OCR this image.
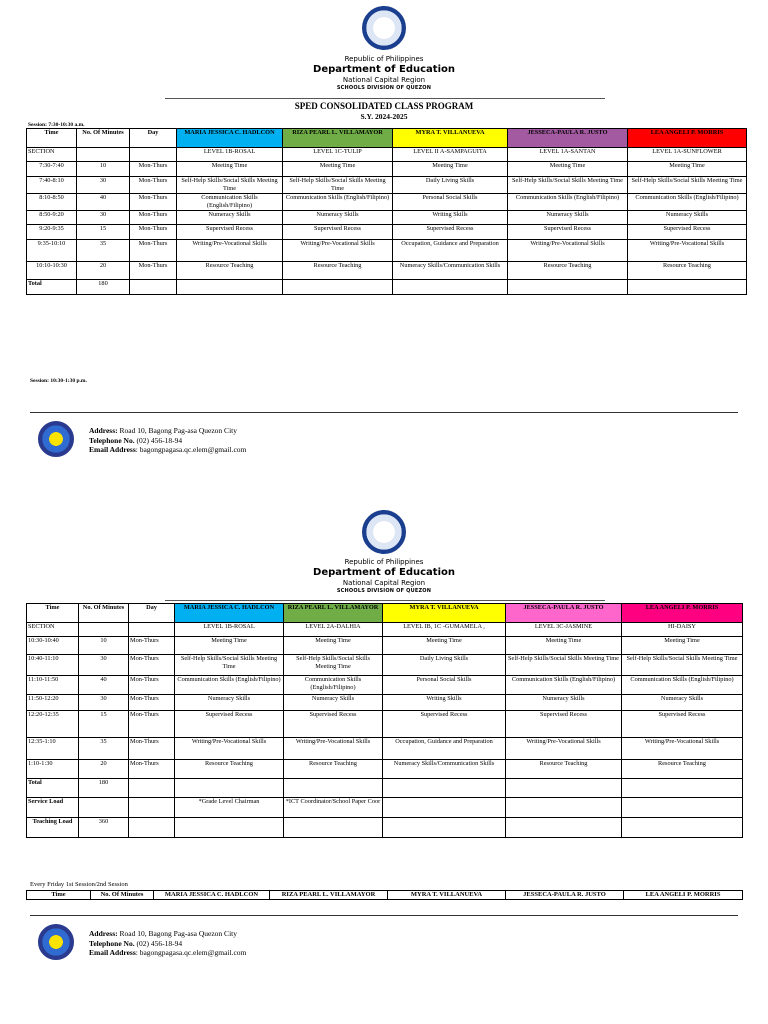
Republic of Philippines
Department of Education
National Capital Region
SCHOOLS DIVISION OF QUEZON
SPED CONSOLIDATED CLASS PROGRAM
S.Y. 2024-2025
Session: 7:30-10:30 a.m.
Time	No. Of Minutes	Day	MARIA JESSICA C. HADLCON	RIZA PEARL L. VILLAMAYOR	MYRA T. VILLANUEVA	JESSECA-PAULA R. JUSTO	LEA ANGELI P. MORRIS
SECTION			LEVEL 1B-ROSAL	LEVEL 1C-TULIP	LEVEL II A-SAMPAGUITA	LEVEL 1A-SANTAN	LEVEL 1A-SUNFLOWER
7:30-7:40	10	Mon-Thurs	Meeting Time	Meeting Time	Meeting Time	Meeting Time	Meeting Time
7:40-8:10	30	Mon-Thurs	Self-Help Skills/Social Skills Meeting Time	Self-Help Skills/Social Skills Meeting Time	Daily Living Skills	Self-Help Skills/Social Skills Meeting Time	Self-Help Skills/Social Skills Meeting Time
8:10-8:50	40	Mon-Thurs	Communication Skills (English/Filipino)	Communication Skills (English/Filipino)	Personal Social Skills	Communication Skills (English/Filipino)	Communication Skills (English/Filipino)
8:50-9:20	30	Mon-Thurs	Numeracy Skills	Numeracy Skills	Writing Skills	Numeracy Skills	Numeracy Skills
9:20-9:35	15	Mon-Thurs	Supervised Recess	Supervised Recess	Supervised Recess	Supervised Recess	Supervised Recess
9:35-10:10	35	Mon-Thurs	Writing/Pre-Vocational Skills	Writing/Pre-Vocational Skills	Occupation, Guidance and Preparation	Writing/Pre-Vocational Skills	Writing/Pre-Vocational Skills
10:10-10:30	20	Mon-Thurs	Resource Teaching	Resource Teaching	Numeracy Skills/Communication Skills	Resource Teaching	Resource Teaching
Total	180						
Session: 10:30-1:30 p.m.
Address: Road 10, Bagong Pag-asa Quezon City
Telephone No. (02) 456-18-94
Email Address: bagongpagasa.qc.elem@gmail.com
Republic of Philippines
Department of Education
National Capital Region
SCHOOLS DIVISION OF QUEZON
Time	No. Of Minutes	Day	MARIA JESSICA C. HADLCON	RIZA PEARL L. VILLAMAYOR	MYRA T. VILLANUEVA	JESSECA-PAULA R. JUSTO	LEA ANGELI P. MORRIS
SECTION			LEVEL 1B-ROSAL	LEVEL 2A-DALHIA	LEVEL IB, 1C -GUMAMELA ,	LEVEL 3C-JASMINE	HI-DAISY
10:30-10:40	10	Mon-Thurs	Meeting Time	Meeting Time	Meeting Time	Meeting Time	Meeting Time
10:40-11:10	30	Mon-Thurs	Self-Help Skills/Social Skills Meeting Time	Self-Help Skills/Social Skills Meeting Time	Daily Living Skills	Self-Help Skills/Social Skills Meeting Time	Self-Help Skills/Social Skills Meeting Time
11:10-11:50	40	Mon-Thurs	Communication Skills (English/Filipino)	Communication Skills (English/Filipino)	Personal Social Skills	Communication Skills (English/Filipino)	Communication Skills (English/Filipino)
11:50-12:20	30	Mon-Thurs	Numeracy Skills	Numeracy Skills	Writing Skills	Numeracy Skills	Numeracy Skills
12:20-12:35	15	Mon-Thurs	Supervised Recess	Supervised Recess	Supervised Recess	Supervised Recess	Supervised Recess
12:35-1:10	35	Mon-Thurs	Writing/Pre-Vocational Skills	Writing/Pre-Vocational Skills	Occupation, Guidance and Preparation	Writing/Pre-Vocational Skills	Writing/Pre-Vocational Skills
1:10-1:30	20	Mon-Thurs	Resource Teaching	Resource Teaching	Numeracy Skills/Communication Skills	Resource Teaching	Resource Teaching
Total	180						
Service Load			*Grade Level Chairman	*ICT Coordinator/School Paper Coor			
Teaching Load	360						
Every Friday 1st Session/2nd Session
Time	No. Of Minutes	MARIA JESSICA C. HADLCON	RIZA PEARL L. VILLAMAYOR	MYRA T. VILLANUEVA	JESSECA-PAULA R. JUSTO	LEA ANGELI P. MORRIS
Address: Road 10, Bagong Pag-asa Quezon City
Telephone No. (02) 456-18-94
Email Address: bagongpagasa.qc.elem@gmail.com
